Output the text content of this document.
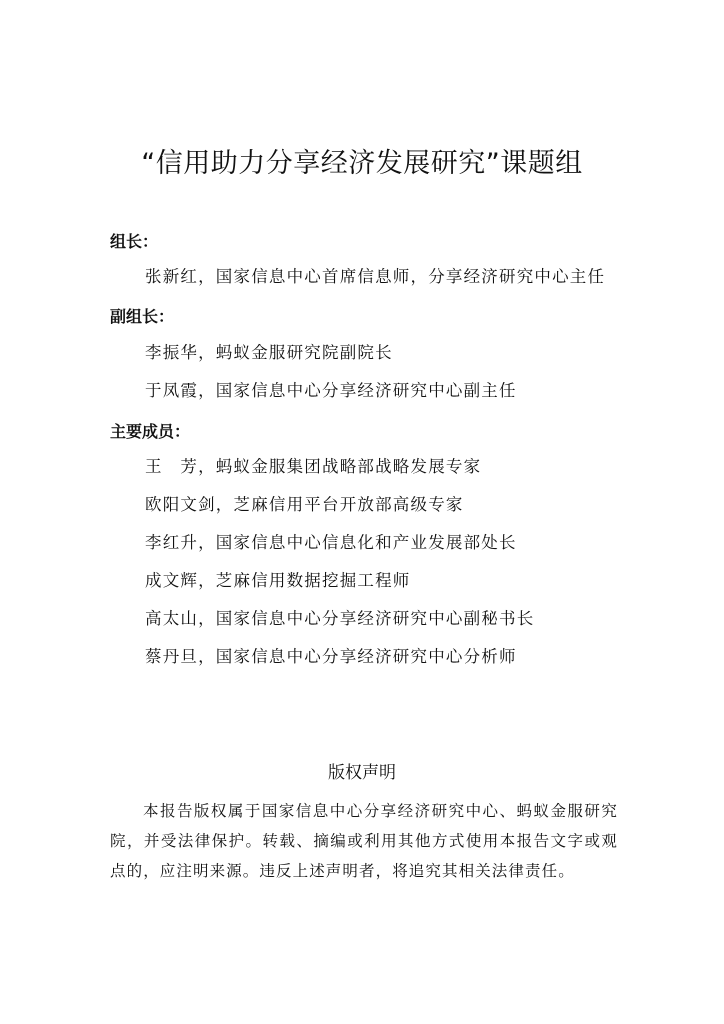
“信用助力分享经济发展研究”课题组
组长：
张新红，国家信息中心首席信息师，分享经济研究中心主任
副组长：
李振华，蚂蚁金服研究院副院长
于凤霞，国家信息中心分享经济研究中心副主任
主要成员：
王　芳，蚂蚁金服集团战略部战略发展专家
欧阳文剑，芝麻信用平台开放部高级专家
李红升，国家信息中心信息化和产业发展部处长
成文辉，芝麻信用数据挖掘工程师
高太山，国家信息中心分享经济研究中心副秘书长
蔡丹旦，国家信息中心分享经济研究中心分析师
版权声明
本报告版权属于国家信息中心分享经济研究中心、蚂蚁金服研究院，并受法律保护。转载、摘编或利用其他方式使用本报告文字或观点的，应注明来源。违反上述声明者，将追究其相关法律责任。
